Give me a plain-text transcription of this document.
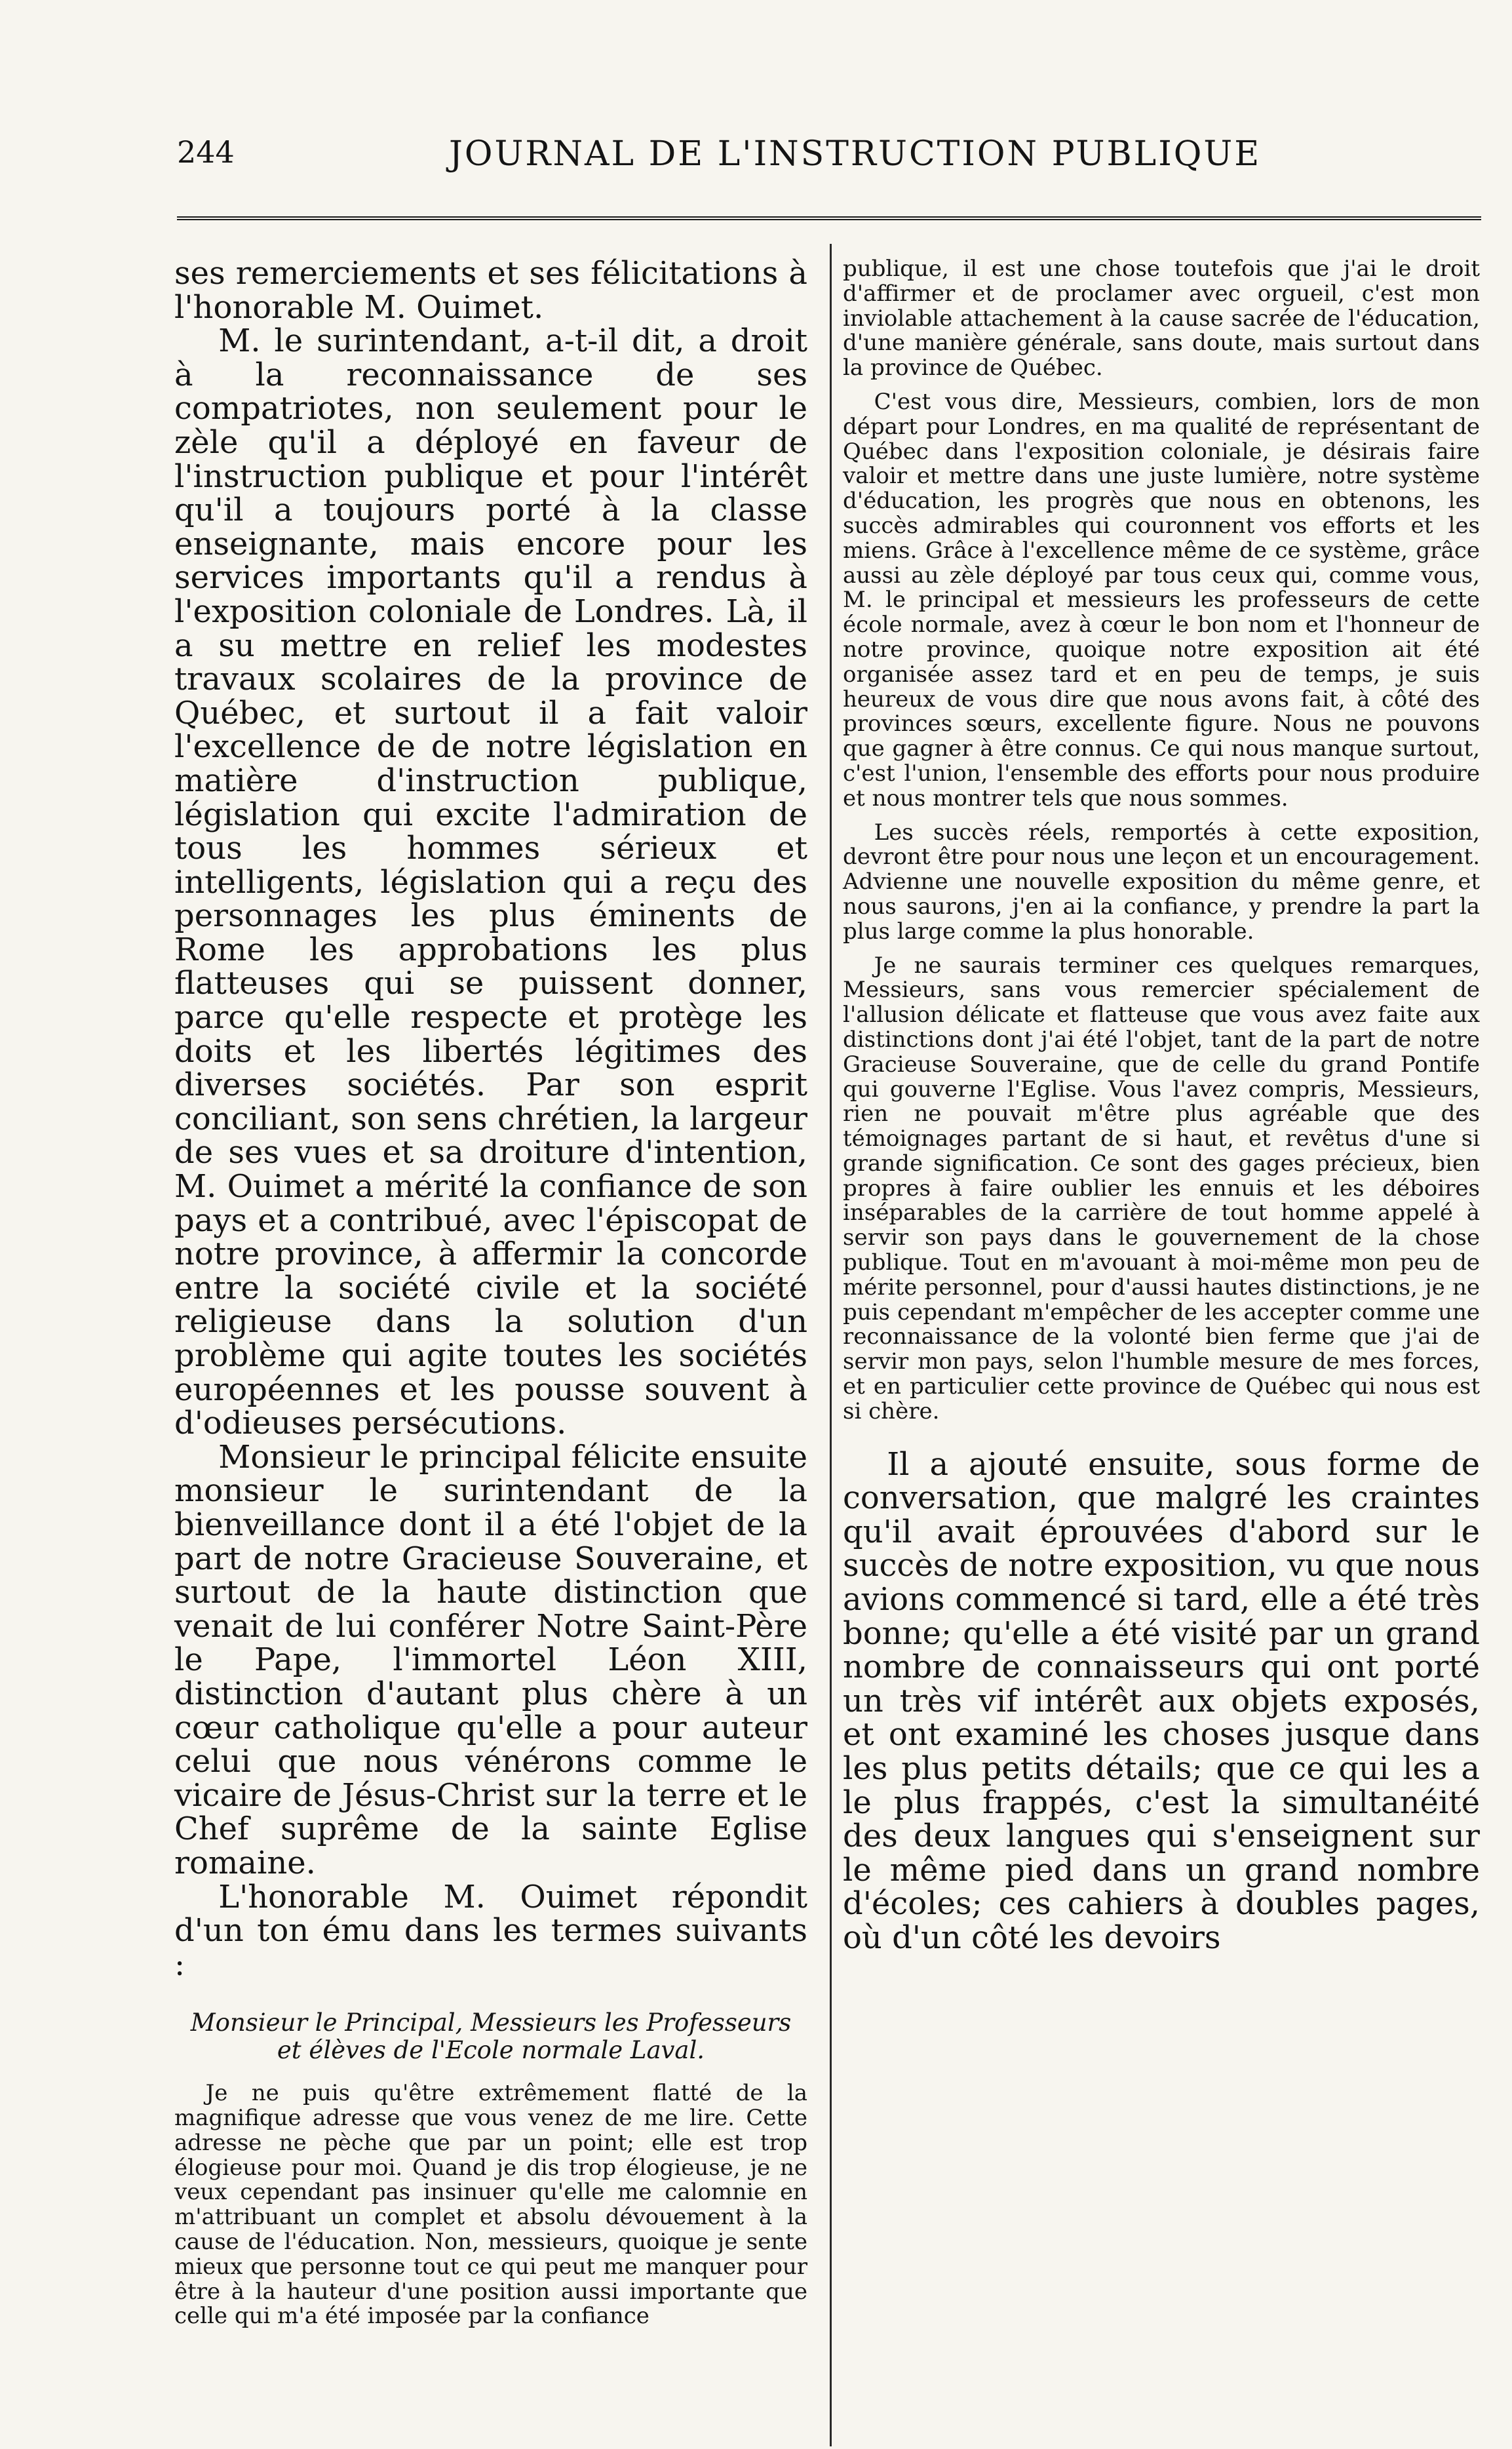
244	JOURNAL DE L'INSTRUCTION PUBLIQUE

ses remerciements et ses félicitations à l'honorable M. Ouimet.

M. le surintendant, a-t-il dit, a droit à la reconnaissance de ses compatriotes, non seulement pour le zèle qu'il a déployé en faveur de l'instruction publique et pour l'intérêt qu'il a toujours porté à la classe enseignante, mais encore pour les services importants qu'il a rendus à l'exposition coloniale de Londres. Là, il a su mettre en relief les modestes travaux scolaires de la province de Québec, et surtout il a fait valoir l'excellence de de notre législation en matière d'instruction publique, législation qui excite l'admiration de tous les hommes sérieux et intelligents, législation qui a reçu des personnages les plus éminents de Rome les approbations les plus flatteuses qui se puissent donner, parce qu'elle respecte et protège les doits et les libertés légitimes des diverses sociétés. Par son esprit conciliant, son sens chrétien, la largeur de ses vues et sa droiture d'intention, M. Ouimet a mérité la confiance de son pays et a contribué, avec l'épiscopat de notre province, à affermir la concorde entre la société civile et la société religieuse dans la solution d'un problème qui agite toutes les sociétés européennes et les pousse souvent à d'odieuses persécutions.

Monsieur le principal félicite ensuite monsieur le surintendant de la bienveillance dont il a été l'objet de la part de notre Gracieuse Souveraine, et surtout de la haute distinction que venait de lui conférer Notre Saint-Père le Pape, l'immortel Léon XIII, distinction d'autant plus chère à un cœur catholique qu'elle a pour auteur celui que nous vénérons comme le vicaire de Jésus-Christ sur la terre et le Chef suprême de la sainte Eglise romaine.

L'honorable M. Ouimet répondit d'un ton ému dans les termes suivants :

Monsieur le Principal, Messieurs les Professeurs et élèves de l'Ecole normale Laval.

Je ne puis qu'être extrêmement flatté de la magnifique adresse que vous venez de me lire. Cette adresse ne pèche que par un point; elle est trop élogieuse pour moi. Quand je dis trop élogieuse, je ne veux cependant pas insinuer qu'elle me calomnie en m'attribuant un complet et absolu dévouement à la cause de l'éducation. Non, messieurs, quoique je sente mieux que personne tout ce qui peut me manquer pour être à la hauteur d'une position aussi importante que celle qui m'a été imposée par la confiance

publique, il est une chose toutefois que j'ai le droit d'affirmer et de proclamer avec orgueil, c'est mon inviolable attachement à la cause sacrée de l'éducation, d'une manière générale, sans doute, mais surtout dans la province de Québec.

C'est vous dire, Messieurs, combien, lors de mon départ pour Londres, en ma qualité de représentant de Québec dans l'exposition coloniale, je désirais faire valoir et mettre dans une juste lumière, notre système d'éducation, les progrès que nous en obtenons, les succès admirables qui couronnent vos efforts et les miens. Grâce à l'excellence même de ce système, grâce aussi au zèle déployé par tous ceux qui, comme vous, M. le principal et messieurs les professeurs de cette école normale, avez à cœur le bon nom et l'honneur de notre province, quoique notre exposition ait été organisée assez tard et en peu de temps, je suis heureux de vous dire que nous avons fait, à côté des provinces sœurs, excellente figure. Nous ne pouvons que gagner à être connus. Ce qui nous manque surtout, c'est l'union, l'ensemble des efforts pour nous produire et nous montrer tels que nous sommes.

Les succès réels, remportés à cette exposition, devront être pour nous une leçon et un encouragement. Advienne une nouvelle exposition du même genre, et nous saurons, j'en ai la confiance, y prendre la part la plus large comme la plus honorable.

Je ne saurais terminer ces quelques remarques, Messieurs, sans vous remercier spécialement de l'allusion délicate et flatteuse que vous avez faite aux distinctions dont j'ai été l'objet, tant de la part de notre Gracieuse Souveraine, que de celle du grand Pontife qui gouverne l'Eglise. Vous l'avez compris, Messieurs, rien ne pouvait m'être plus agréable que des témoignages partant de si haut, et revêtus d'une si grande signification. Ce sont des gages précieux, bien propres à faire oublier les ennuis et les déboires inséparables de la carrière de tout homme appelé à servir son pays dans le gouvernement de la chose publique. Tout en m'avouant à moi-même mon peu de mérite personnel, pour d'aussi hautes distinctions, je ne puis cependant m'empêcher de les accepter comme une reconnaissance de la volonté bien ferme que j'ai de servir mon pays, selon l'humble mesure de mes forces, et en particulier cette province de Québec qui nous est si chère.

Il a ajouté ensuite, sous forme de conversation, que malgré les craintes qu'il avait éprouvées d'abord sur le succès de notre exposition, vu que nous avions commencé si tard, elle a été très bonne; qu'elle a été visité par un grand nombre de connaisseurs qui ont porté un très vif intérêt aux objets exposés, et ont examiné les choses jusque dans les plus petits détails; que ce qui les a le plus frappés, c'est la simultanéité des deux langues qui s'enseignent sur le même pied dans un grand nombre d'écoles; ces cahiers à doubles pages, où d'un côté les devoirs
